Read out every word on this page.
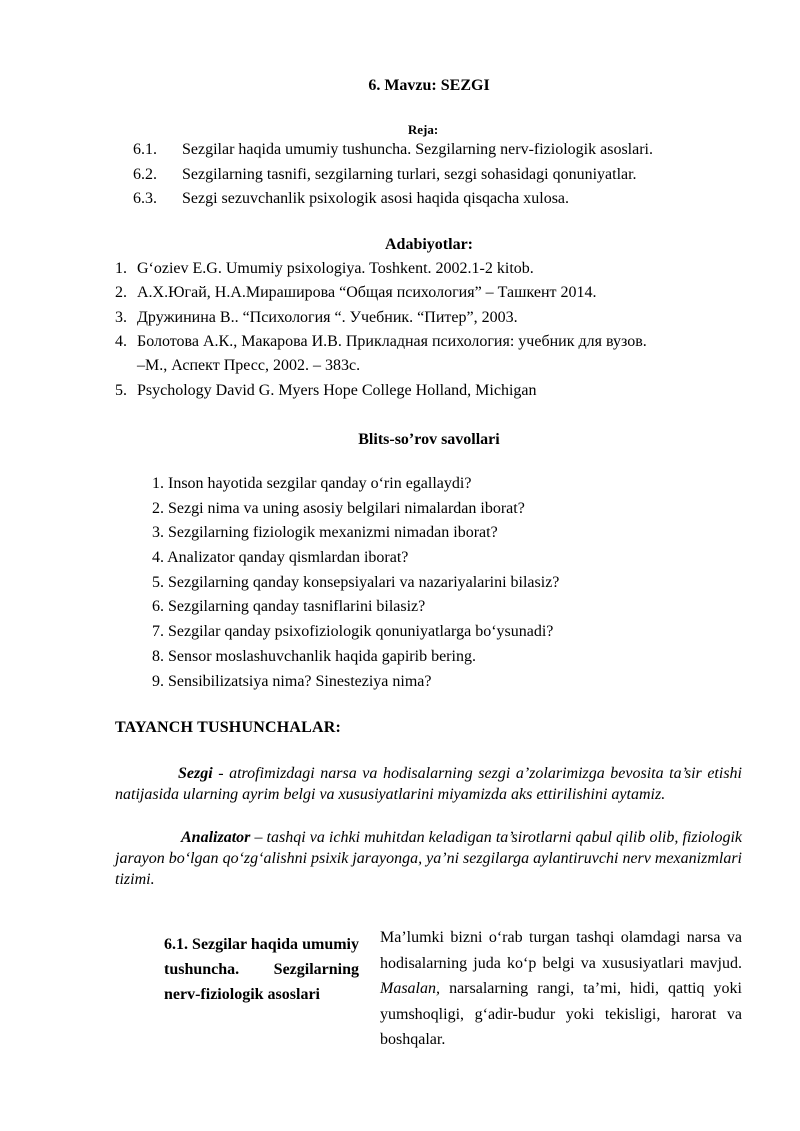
6. Mavzu: SEZGI
Reja:
6.1. Sezgilar haqida umumiy tushuncha. Sezgilarning nerv-fiziologik asoslari.
6.2. Sezgilarning tasnifi, sezgilarning turlari, sezgi sohasidagi qonuniyatlar.
6.3. Sezgi sezuvchanlik psixologik asosi haqida qisqacha xulosa.
Adabiyotlar:
1. G‘oziev E.G. Umumiy psixologiya. Toshkent. 2002.1-2 kitob.
2. А.Х.Югай, Н.А.Мираширова “Общая психология” – Ташкент 2014.
3. Дружинина В.. “Психология “. Учебник. “Питер”, 2003.
4. Болотова А.К., Макарова И.В. Прикладная психология: учебник для вузов.
–М., Аспект Пресс, 2002. – 383с.
5. Psychology David G. Myers Hope College Holland, Michigan
Blits-so’rov savollari
1. Inson hayotida sezgilar qanday o‘rin egallaydi?
2. Sezgi nima va uning asosiy belgilari nimalardan iborat?
3. Sezgilarning fiziologik mexanizmi nimadan iborat?
4. Analizator qanday qismlardan iborat?
5. Sezgilarning qanday konsepsiyalari va nazariyalarini bilasiz?
6. Sezgilarning qanday tasniflarini bilasiz?
7. Sezgilar qanday psixofiziologik qonuniyatlarga bo‘ysunadi?
8. Sensor moslashuvchanlik haqida gapirib bering.
9. Sensibilizatsiya nima? Sinesteziya nima?
TAYANCH TUSHUNCHALAR:
Sezgi - atrofimizdagi narsa va hodisalarning sezgi a’zolarimizga bevosita ta’sir etishi natijasida ularning ayrim belgi va xususiyatlarini miyamizda aks ettirilishini aytamiz.
Analizator – tashqi va ichki muhitdan keladigan ta’sirotlarni qabul qilib olib, fiziologik jarayon bo‘lgan qo‘zg‘alishni psixik jarayonga, ya’ni sezgilarga aylantiruvchi nerv mexanizmlari tizimi.
6.1. Sezgilar haqida umumiy tushuncha. Sezgilarning nerv-fiziologik asoslari
Ma’lumki bizni o‘rab turgan tashqi olamdagi narsa va hodisalarning juda ko‘p belgi va xususiyatlari mavjud. Masalan, narsalarning rangi, ta’mi, hidi, qattiq yoki yumshoqligi, g‘adir-budur yoki tekisligi, harorat va boshqalar.
